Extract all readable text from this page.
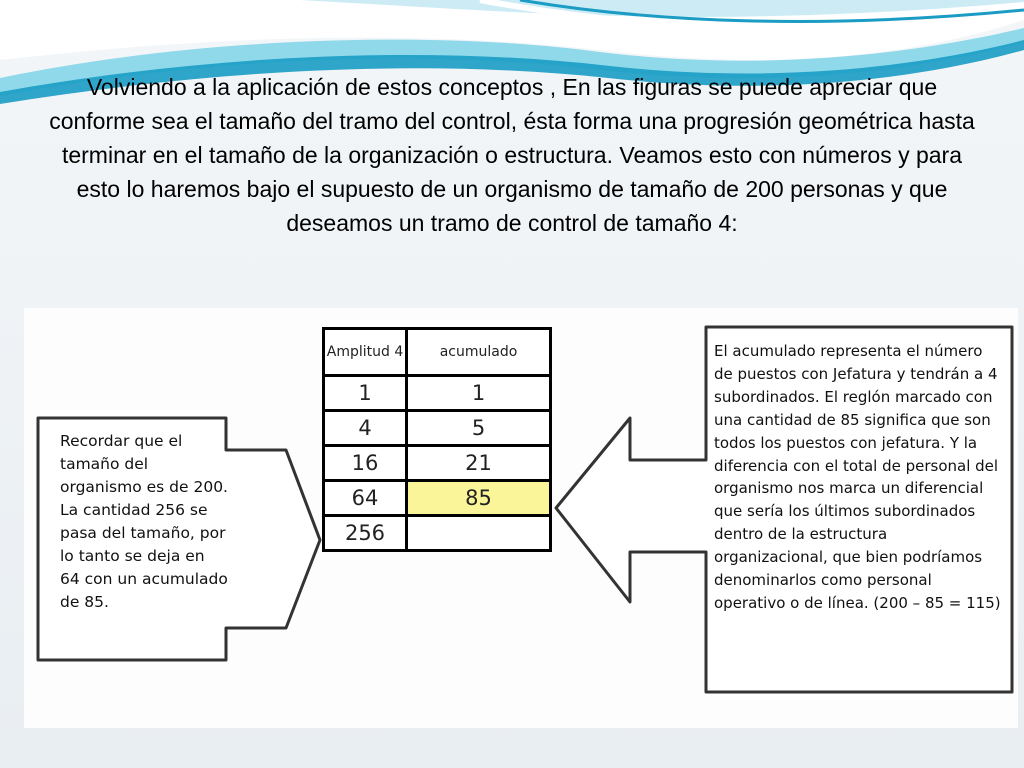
Volviendo a la aplicación de estos conceptos , En las figuras se puede apreciar que conforme sea el tamaño del tramo del control, ésta forma una progresión geométrica hasta terminar en el tamaño de la organización o estructura. Veamos esto con números y para esto lo haremos bajo el supuesto de un organismo de tamaño de 200 personas y que deseamos un tramo de control de tamaño 4:

Recordar que el tamaño del organismo es de 200. La cantidad 256 se pasa del tamaño, por lo tanto se deja en 64 con un acumulado de 85.

El acumulado representa el número de puestos con Jefatura y tendrán a 4 subordinados. El reglón marcado con una cantidad de 85 significa que son todos los puestos con jefatura. Y la diferencia con el total de personal del organismo nos marca un diferencial que sería los últimos subordinados dentro de la estructura organizacional, que bien podríamos denominarlos como personal operativo o de línea. (200 – 85 = 115)

Amplitud 4	acumulado
1	1
4	5
16	21
64	85
256	
